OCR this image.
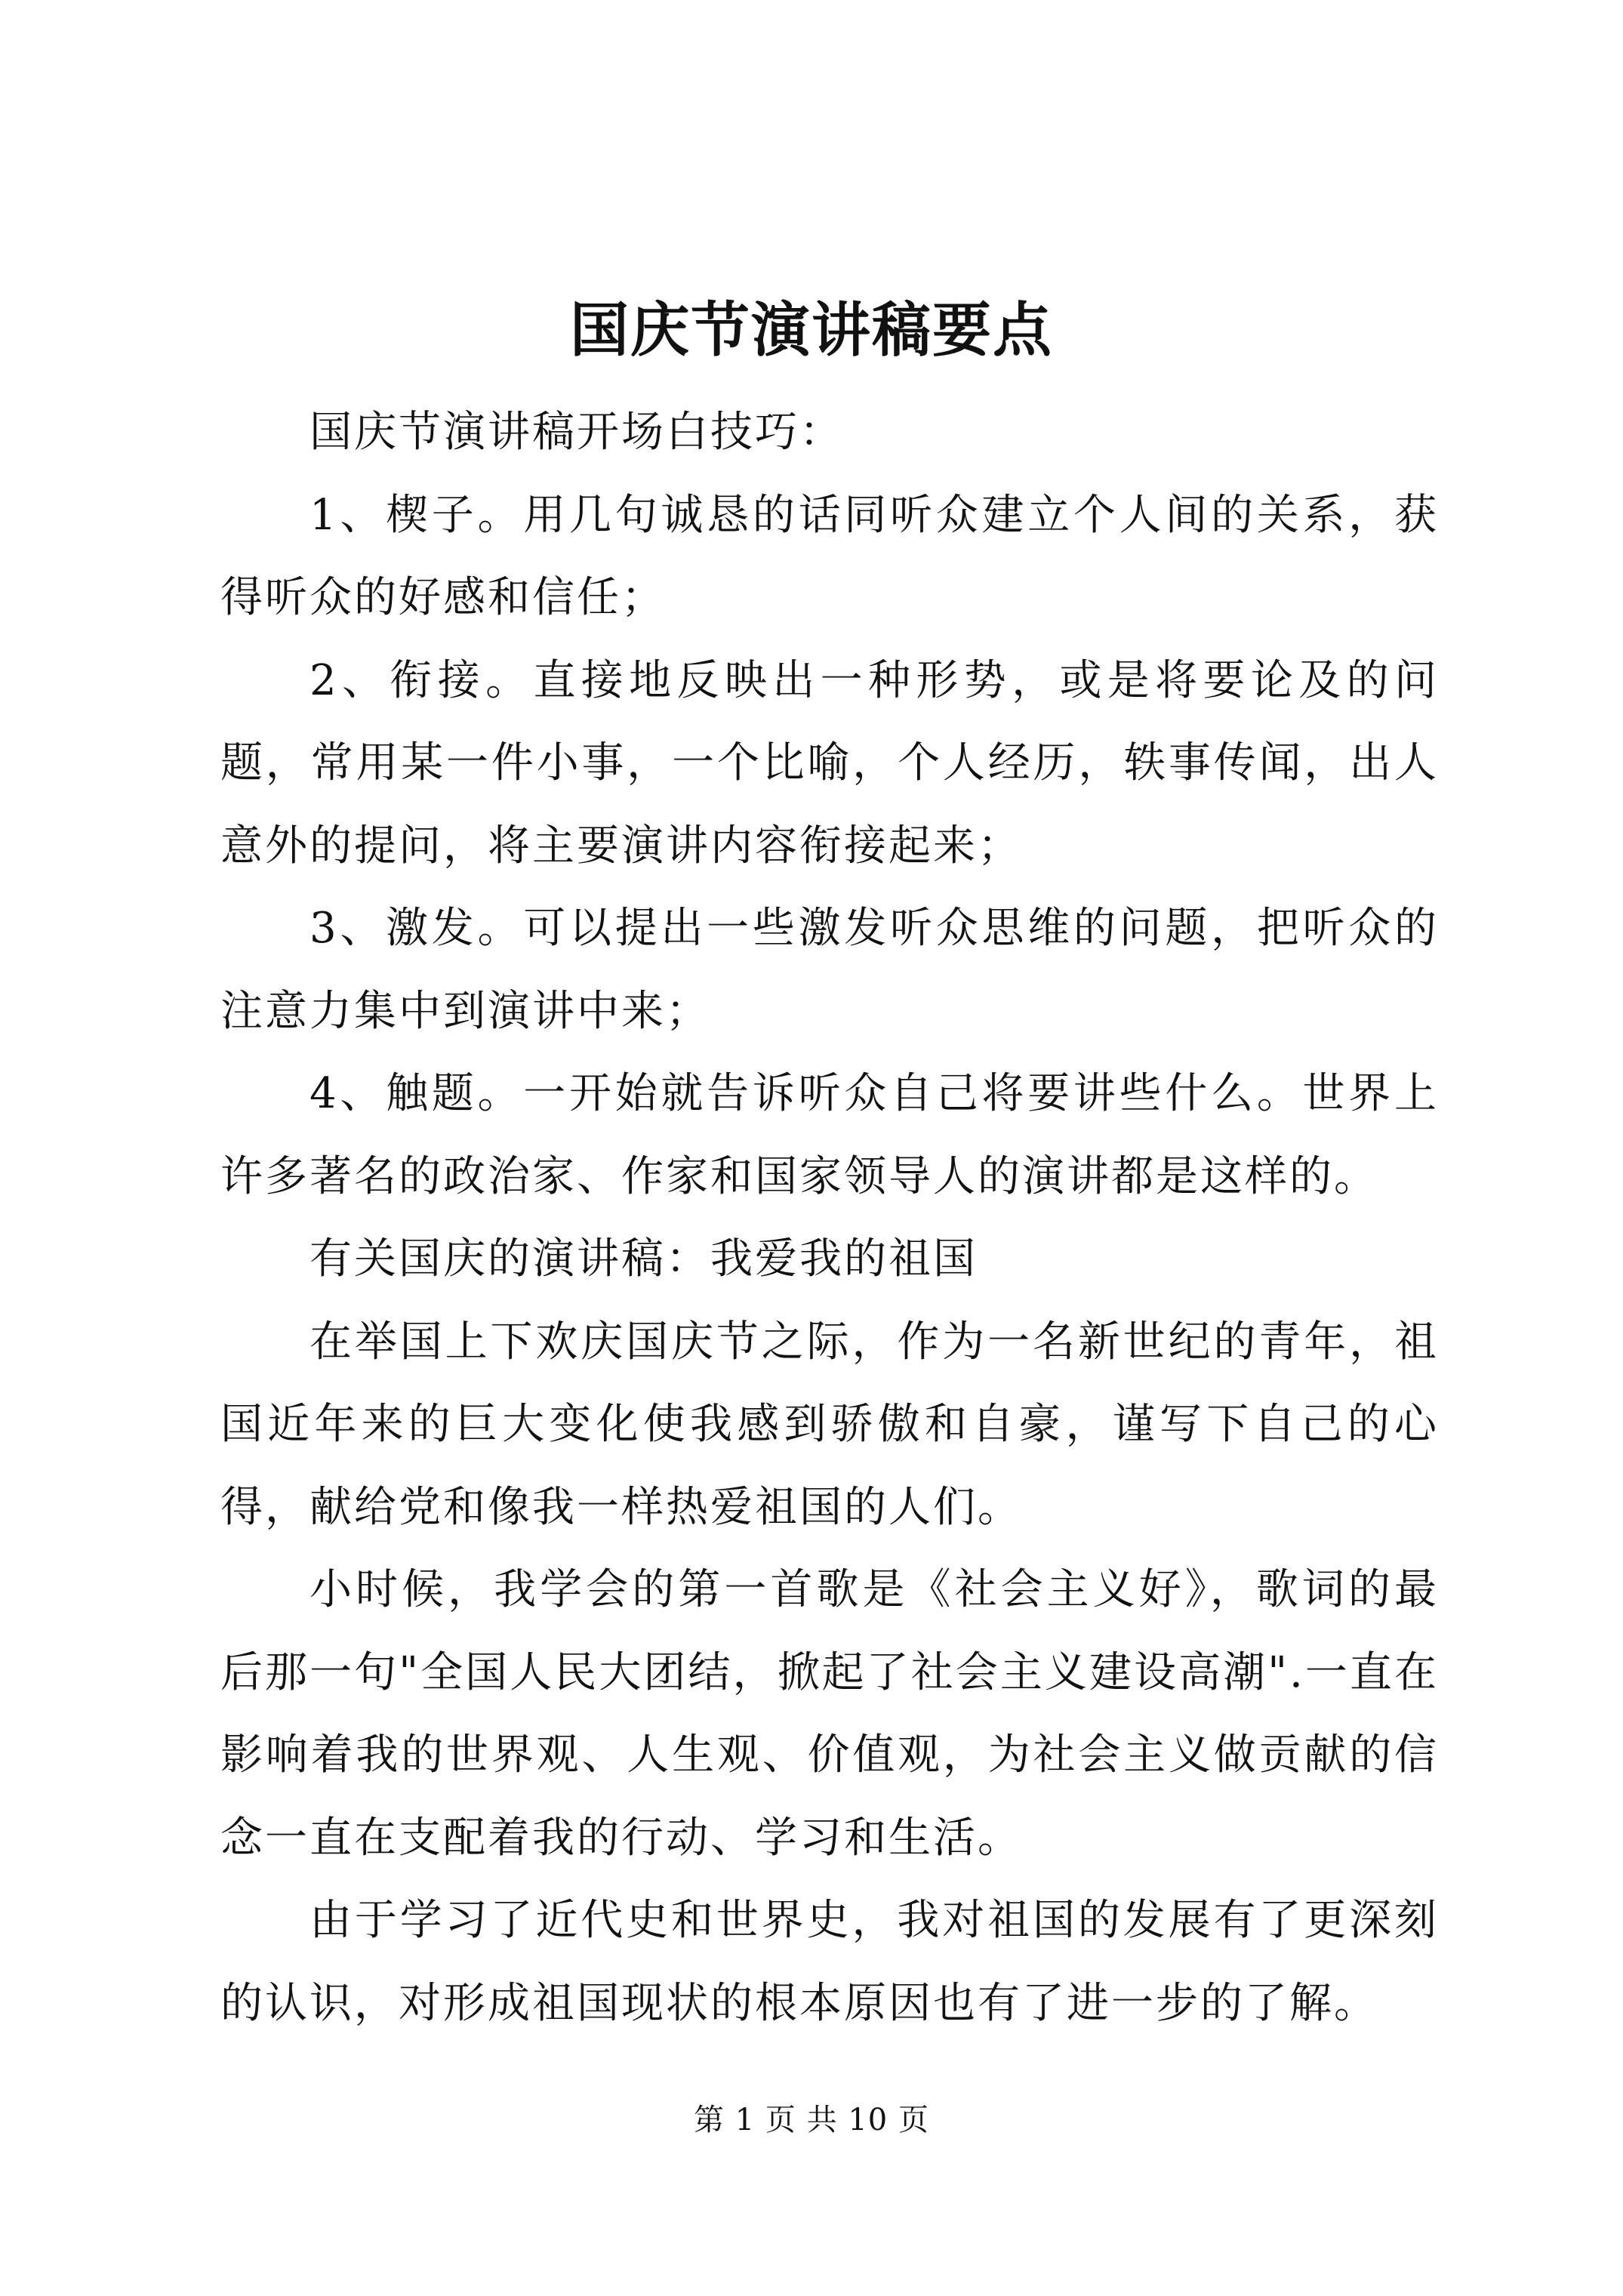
国庆节演讲稿要点

国庆节演讲稿开场白技巧：

1、楔子。用几句诚恳的话同听众建立个人间的关系，获得听众的好感和信任；

2、衔接。直接地反映出一种形势，或是将要论及的问题，常用某一件小事，一个比喻，个人经历，轶事传闻，出人意外的提问，将主要演讲内容衔接起来；

3、激发。可以提出一些激发听众思维的问题，把听众的注意力集中到演讲中来；

4、触题。一开始就告诉听众自己将要讲些什么。世界上许多著名的政治家、作家和国家领导人的演讲都是这样的。

有关国庆的演讲稿：我爱我的祖国

在举国上下欢庆国庆节之际，作为一名新世纪的青年，祖国近年来的巨大变化使我感到骄傲和自豪，谨写下自己的心得，献给党和像我一样热爱祖国的人们。

小时候，我学会的第一首歌是《社会主义好》，歌词的最后那一句"全国人民大团结，掀起了社会主义建设高潮".一直在影响着我的世界观、人生观、价值观，为社会主义做贡献的信念一直在支配着我的行动、学习和生活。

由于学习了近代史和世界史，我对祖国的发展有了更深刻的认识，对形成祖国现状的根本原因也有了进一步的了解。

第 1 页 共 10 页
